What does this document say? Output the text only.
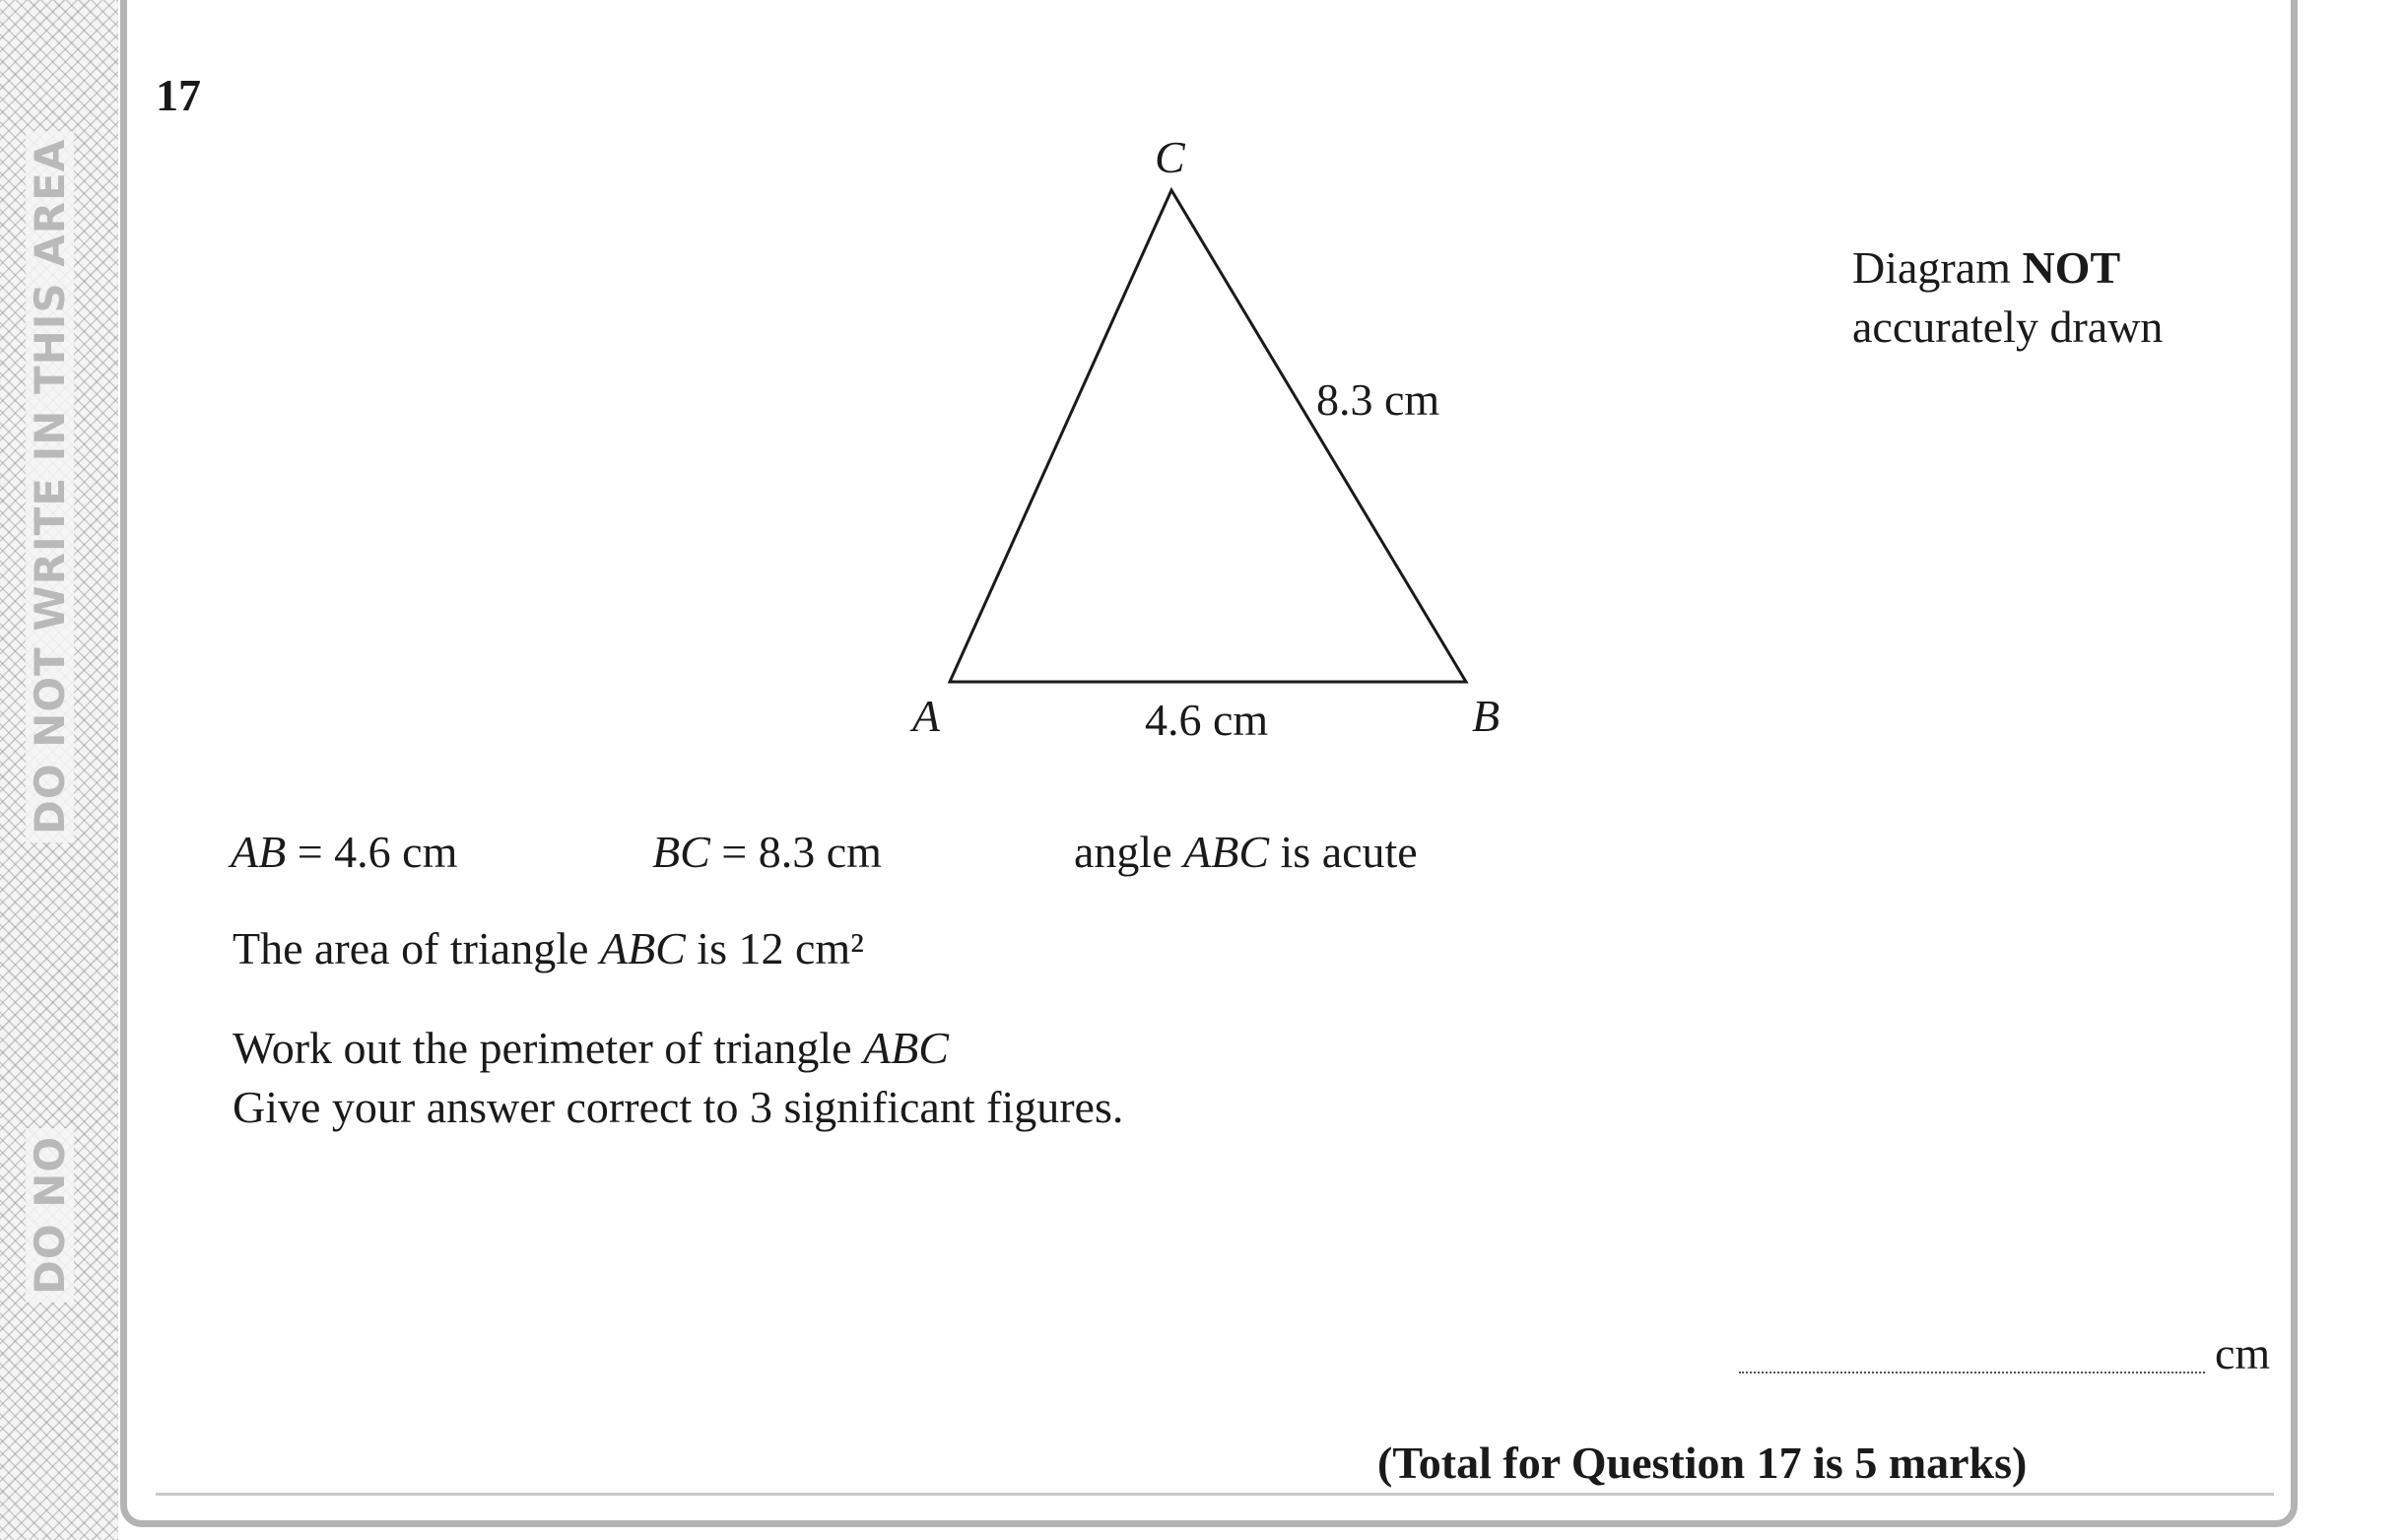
DO NOT WRITE IN THIS AREA
DO NO
17
C
A	B
8.3 cm
4.6 cm
Diagram NOT
accurately drawn
AB = 4.6 cm	BC = 8.3 cm	angle ABC is acute
The area of triangle ABC is 12 cm²
Work out the perimeter of triangle ABC
Give your answer correct to 3 significant figures.
cm
(Total for Question 17 is 5 marks)
